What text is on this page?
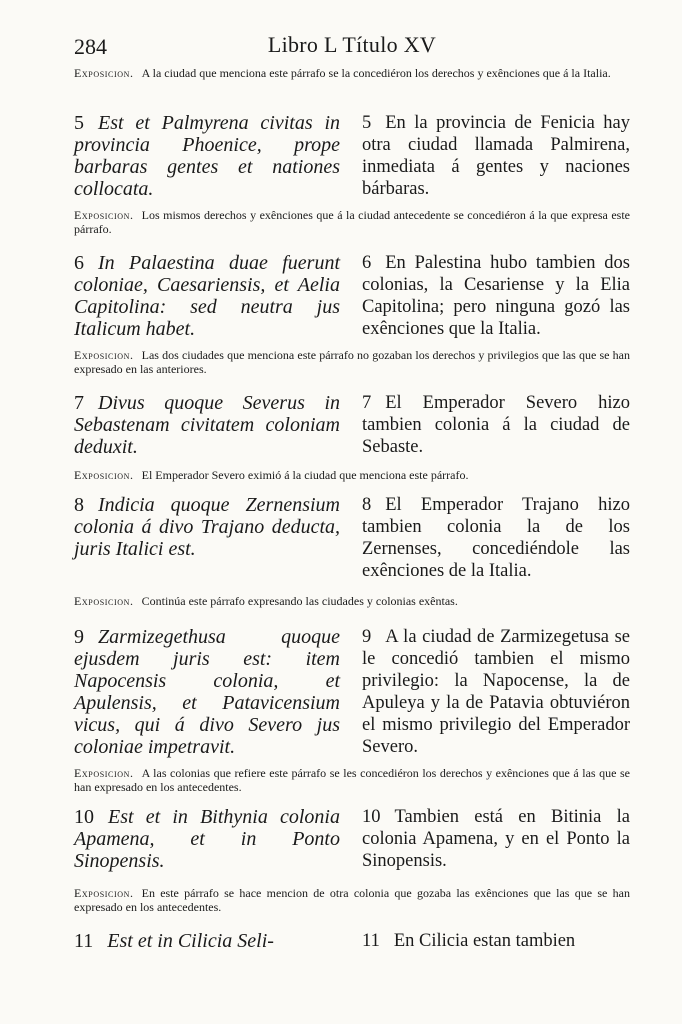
284	Libro L Título XV

Exposicion. A la ciudad que menciona este párrafo se la concediéron los derechos y exênciones que á la Italia.

5 Est et Palmyrena civitas in provincia Phoenice, prope barbaras gentes et nationes collocata.

5 En la provincia de Fenicia hay otra ciudad llamada Palmirena, inmediata á gentes y naciones bárbaras.

Exposicion. Los mismos derechos y exênciones que á la ciudad antecedente se concediéron á la que expresa este párrafo.

6 In Palaestina duae fuerunt coloniae, Caesariensis, et Aelia Capitolina: sed neutra jus Italicum habet.

6 En Palestina hubo tambien dos colonias, la Cesariense y la Elia Capitolina; pero ninguna gozó las exênciones que la Italia.

Exposicion. Las dos ciudades que menciona este párrafo no gozaban los derechos y privilegios que las que se han expresado en las anteriores.

7 Divus quoque Severus in Sebastenam civitatem coloniam deduxit.

7 El Emperador Severo hizo tambien colonia á la ciudad de Sebaste.

Exposicion. El Emperador Severo eximió á la ciudad que menciona este párrafo.

8 Indicia quoque Zernensium colonia á divo Trajano deducta, juris Italici est.

8 El Emperador Trajano hizo tambien colonia la de los Zernenses, concediéndole las exênciones de la Italia.

Exposicion. Continúa este párrafo expresando las ciudades y colonias exêntas.

9 Zarmizegethusa quoque ejusdem juris est: item Napocensis colonia, et Apulensis, et Patavicensium vicus, qui á divo Severo jus coloniae impetravit.

9 A la ciudad de Zarmizegetusa se le concedió tambien el mismo privilegio: la Napocense, la de Apuleya y la de Patavia obtuviéron el mismo privilegio del Emperador Severo.

Exposicion. A las colonias que refiere este párrafo se les concediéron los derechos y exênciones que á las que se han expresado en los antecedentes.

10 Est et in Bithynia colonia Apamena, et in Ponto Sinopensis.

10 Tambien está en Bitinia la colonia Apamena, y en el Ponto la Sinopensis.

Exposicion. En este párrafo se hace mencion de otra colonia que gozaba las exênciones que las que se han expresado en los antecedentes.

11 Est et in Cilicia Seli-	11 En Cilicia estan tambien
